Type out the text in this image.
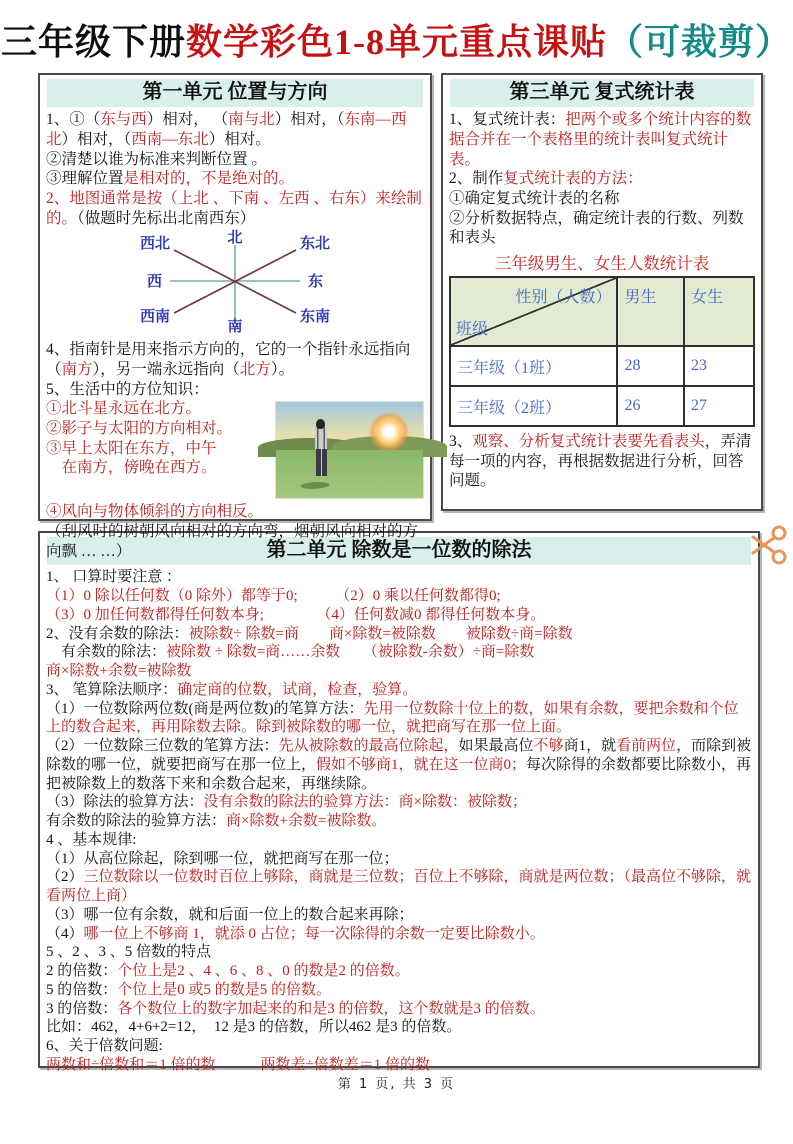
三年级下册数学彩色1-8单元重点课贴（可裁剪）
第一单元 位置与方向
1、①（东与西）相对， （南与北）相对，（东南—西北）相对，（西南—东北）相对。
②清楚以谁为标准来判断位置 。
③理解位置是相对的，不是绝对的。
2、地图通常是按（上北 、下南 、左西 、右东）来绘制的。（做题时先标出北南西东）
北
南
西	东
西北	东北
西南	东南
4、指南针是用来指示方向的，它的一个指针永远指向（南方），另一端永远指向（北方）。
5、生活中的方位知识：
①北斗星永远在北方。
②影子与太阳的方向相对。
③早上太阳在东方，中午
　在南方，傍晚在西方。
④风向与物体倾斜的方向相反。
（刮风时的树朝风向相对的方向弯，烟朝风向相对的方向飘 … …）
第三单元 复式统计表
1、复式统计表：把两个或多个统计内容的数据合并在一个表格里的统计表叫复式统计表。
2、制作复式统计表的方法：
①确定复式统计表的名称
②分析数据特点，确定统计表的行数、列数和表头
三年级男生、女生人数统计表
性别（人数）
班级	男生	女生
三年级（1班）	28	23
三年级（2班）	26	27
3、观察、分析复式统计表要先看表头，弄清每一项的内容，再根据数据进行分析，回答问题。
第二单元 除数是一位数的除法
1、 口算时要注意 ：
（1）0 除以任何数（0 除外）都等于0;　　　	（2）0 乘以任何数都得0;
（3）0 加任何数都得任何数本身;　　　　	（4）任何数减0 都得任何数本身。
2、没有余数的除法：被除数÷ 除数=商　　商×除数=被除数　　被除数÷商=除数
　有余数的除法：被除数 ÷ 除数=商……余数　　（被除数-余数）÷商=除数
商×除数+余数=被除数
3、 笔算除法顺序：确定商的位数，试商，检查，验算。
（1）一位数除两位数(商是两位数)的笔算方法：先用一位数除十位上的数，如果有余数，要把余数和个位上的数合起来，再用除数去除。除到被除数的哪一位，就把商写在那一位上面。
（2）一位数除三位数的笔算方法：先从被除数的最高位除起，如果最高位不够商1，就看前两位，而除到被除数的哪一位，就要把商写在那一位上，假如不够商1，就在这一位商0；每次除得的余数都要比除数小，再把被除数上的数落下来和余数合起来，再继续除。
（3）除法的验算方法：没有余数的除法的验算方法：商×除数：被除数；
有余数的除法的验算方法：商×除数+余数=被除数。
4 、基本规律:
（1）从高位除起，除到哪一位，就把商写在那一位；
（2）三位数除以一位数时百位上够除，商就是三位数；百位上不够除，商就是两位数；（最高位不够除，就看两位上商）
（3）哪一位有余数，就和后面一位上的数合起来再除；
（4）哪一位上不够商 1，就添 0 占位；每一次除得的余数一定要比除数小。
5 、2 、3 、5 倍数的特点
2 的倍数：个位上是2 、4 、6 、8 、0 的数是2 的倍数。
5 的倍数：个位上是0 或5 的数是5 的倍数。
3 的倍数：各个数位上的数字加起来的和是3 的倍数，这个数就是3 的倍数。
比如：462，4+6+2=12，  12 是3 的倍数，所以462 是3 的倍数。
6、关于倍数问题:
两数和÷倍数和＝1 倍的数　　　	两数差÷倍数差＝1 倍的数
第 1 页, 共 3 页
